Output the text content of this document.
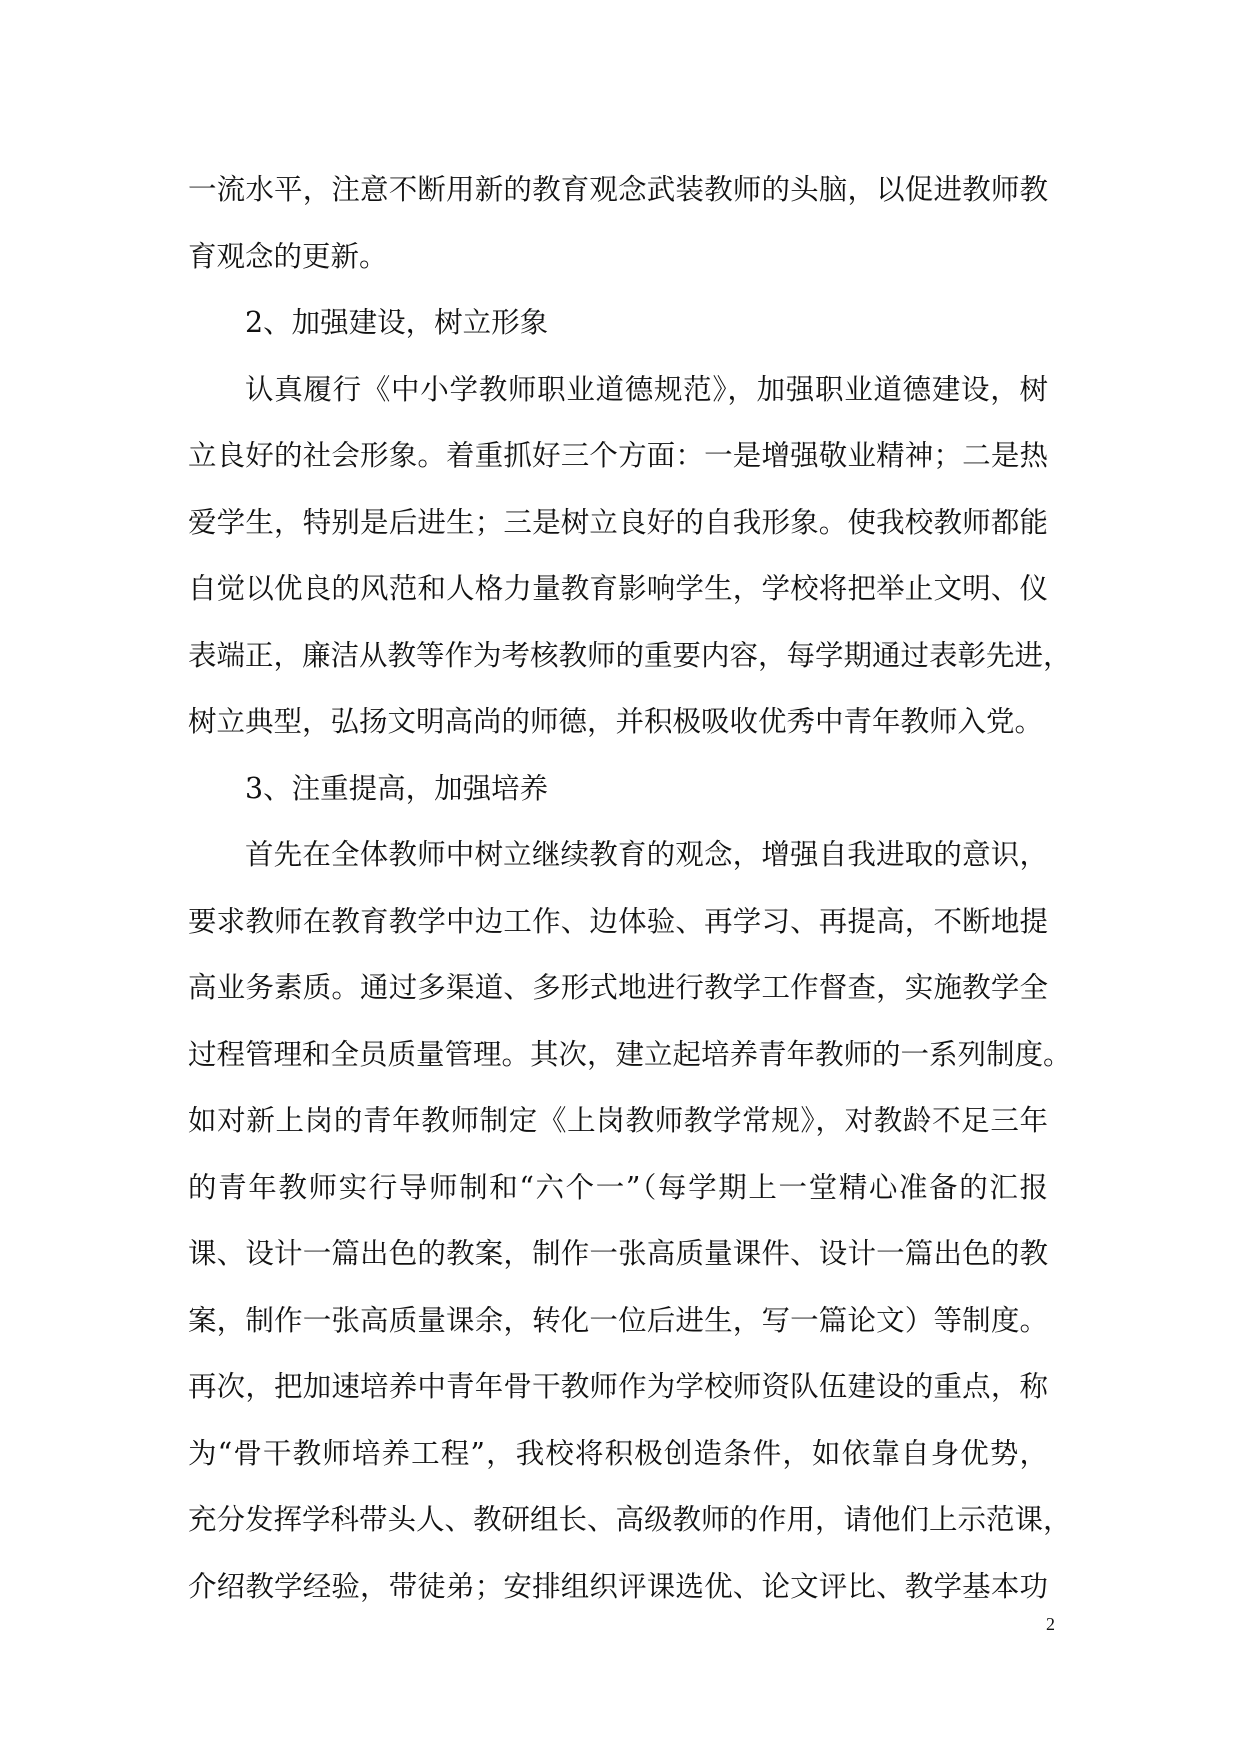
一流水平，注意不断用新的教育观念武装教师的头脑，以促进教师教
育观念的更新。
2、加强建设，树立形象
认真履行《中小学教师职业道德规范》，加强职业道德建设，树
立良好的社会形象。着重抓好三个方面：一是增强敬业精神；二是热
爱学生，特别是后进生；三是树立良好的自我形象。使我校教师都能
自觉以优良的风范和人格力量教育影响学生，学校将把举止文明、仪
表端正，廉洁从教等作为考核教师的重要内容，每学期通过表彰先进，
树立典型，弘扬文明高尚的师德，并积极吸收优秀中青年教师入党。
3、注重提高，加强培养
首先在全体教师中树立继续教育的观念，增强自我进取的意识，
要求教师在教育教学中边工作、边体验、再学习、再提高，不断地提
高业务素质。通过多渠道、多形式地进行教学工作督查，实施教学全
过程管理和全员质量管理。其次，建立起培养青年教师的一系列制度。
如对新上岗的青年教师制定《上岗教师教学常规》，对教龄不足三年
的青年教师实行导师制和“六个一”（每学期上一堂精心准备的汇报
课、设计一篇出色的教案，制作一张高质量课件、设计一篇出色的教
案，制作一张高质量课余，转化一位后进生，写一篇论文）等制度。
再次，把加速培养中青年骨干教师作为学校师资队伍建设的重点，称
为“骨干教师培养工程”，我校将积极创造条件，如依靠自身优势，
充分发挥学科带头人、教研组长、高级教师的作用，请他们上示范课，
介绍教学经验，带徒弟；安排组织评课选优、论文评比、教学基本功
2
